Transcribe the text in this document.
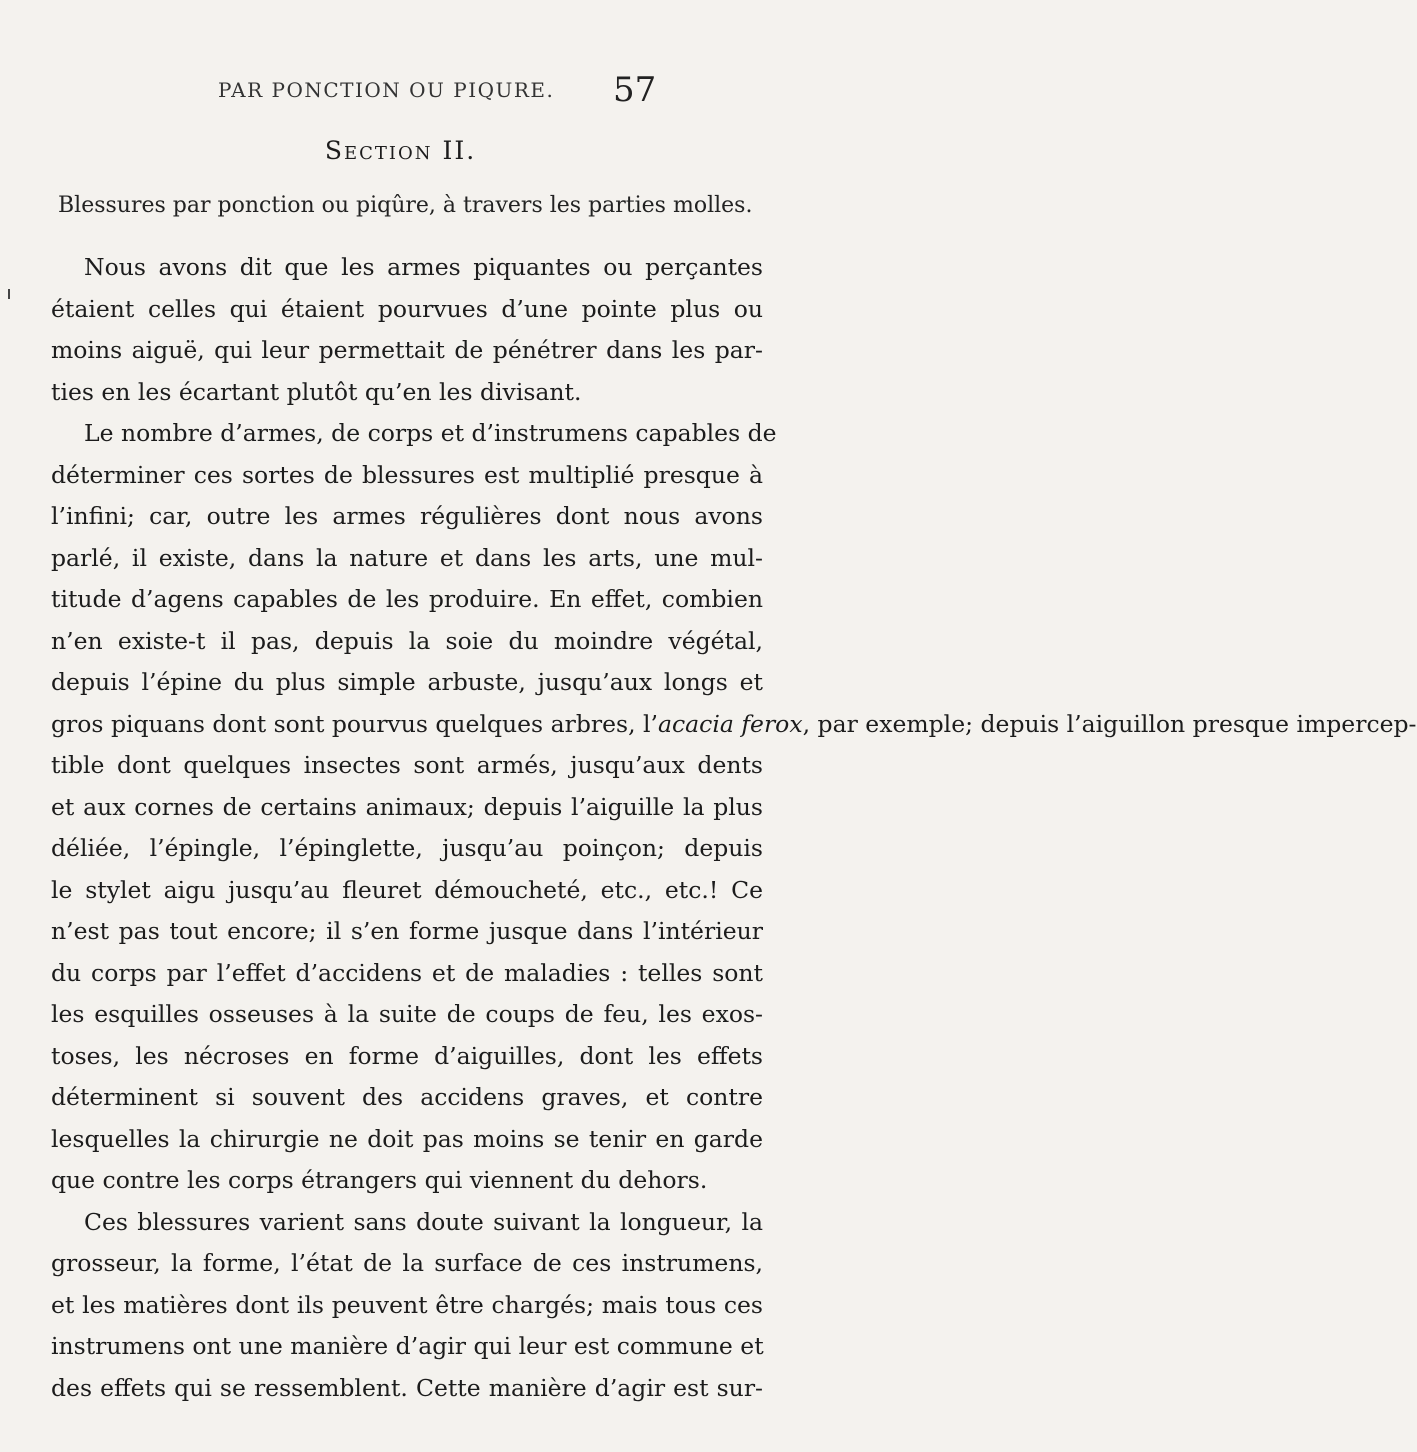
PAR PONCTION OU PIQURE.	57
Section II.
Blessures par ponction ou piqûre, à travers les parties molles.
Nous avons dit que les armes piquantes ou perçantes
étaient celles qui étaient pourvues d’une pointe plus ou
moins aiguë, qui leur permettait de pénétrer dans les par-
ties en les écartant plutôt qu’en les divisant.
Le nombre d’armes, de corps et d’instrumens capables de
déterminer ces sortes de blessures est multiplié presque à
l’infini; car, outre les armes régulières dont nous avons
parlé, il existe, dans la nature et dans les arts, une mul-
titude d’agens capables de les produire. En effet, combien
n’en existe-t il pas, depuis la soie du moindre végétal,
depuis l’épine du plus simple arbuste, jusqu’aux longs et
gros piquans dont sont pourvus quelques arbres, l’acacia ferox, par exemple; depuis l’aiguillon presque impercep-
tible dont quelques insectes sont armés, jusqu’aux dents
et aux cornes de certains animaux; depuis l’aiguille la plus
déliée, l’épingle, l’épinglette, jusqu’au poinçon; depuis
le stylet aigu jusqu’au fleuret démoucheté, etc., etc.! Ce
n’est pas tout encore; il s’en forme jusque dans l’intérieur
du corps par l’effet d’accidens et de maladies : telles sont
les esquilles osseuses à la suite de coups de feu, les exos-
toses, les nécroses en forme d’aiguilles, dont les effets
déterminent si souvent des accidens graves, et contre
lesquelles la chirurgie ne doit pas moins se tenir en garde
que contre les corps étrangers qui viennent du dehors.
Ces blessures varient sans doute suivant la longueur, la
grosseur, la forme, l’état de la surface de ces instrumens,
et les matières dont ils peuvent être chargés; mais tous ces
instrumens ont une manière d’agir qui leur est commune et
des effets qui se ressemblent. Cette manière d’agir est sur-
